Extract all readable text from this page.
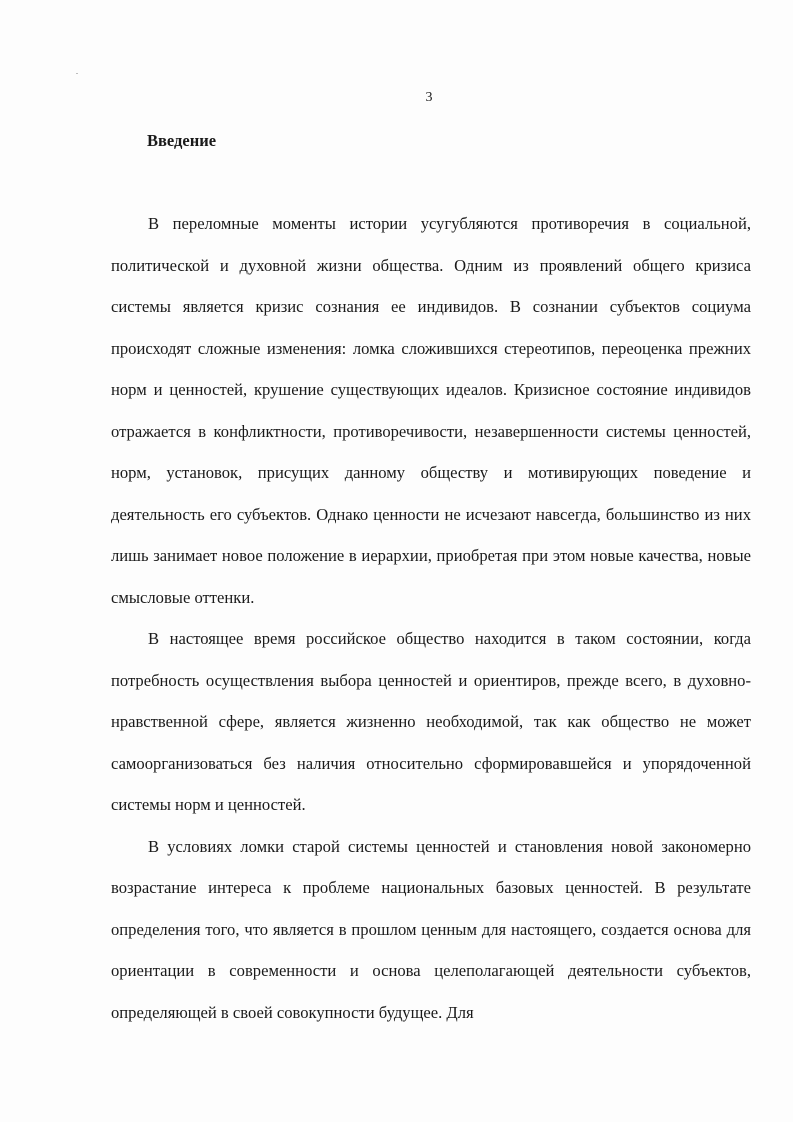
3
Введение

В переломные моменты истории усугубляются противоречия в социальной, политической и духовной жизни общества. Одним из проявлений общего кризиса системы является кризис сознания ее индивидов. В сознании субъектов социума происходят сложные изменения: ломка сложившихся стереотипов, переоценка прежних норм и ценностей, крушение существующих идеалов. Кризисное состояние индивидов отражается в конфликтности, противоречивости, незавершенности системы ценностей, норм, установок, присущих данному обществу и мотивирующих поведение и деятельность его субъектов. Однако ценности не исчезают навсегда, большинство из них лишь занимает новое положение в иерархии, приобретая при этом новые качества, новые смысловые оттенки.

В настоящее время российское общество находится в таком состоянии, когда потребность осуществления выбора ценностей и ориентиров, прежде всего, в духовно-нравственной сфере, является жизненно необходимой, так как общество не может самоорганизоваться без наличия относительно сформировавшейся и упорядоченной системы норм и ценностей.

В условиях ломки старой системы ценностей и становления новой закономерно возрастание интереса к проблеме национальных базовых ценностей. В результате определения того, что является в прошлом ценным для настоящего, создается основа для ориентации в современности и основа целеполагающей деятельности субъектов, определяющей в своей совокупности будущее. Для
